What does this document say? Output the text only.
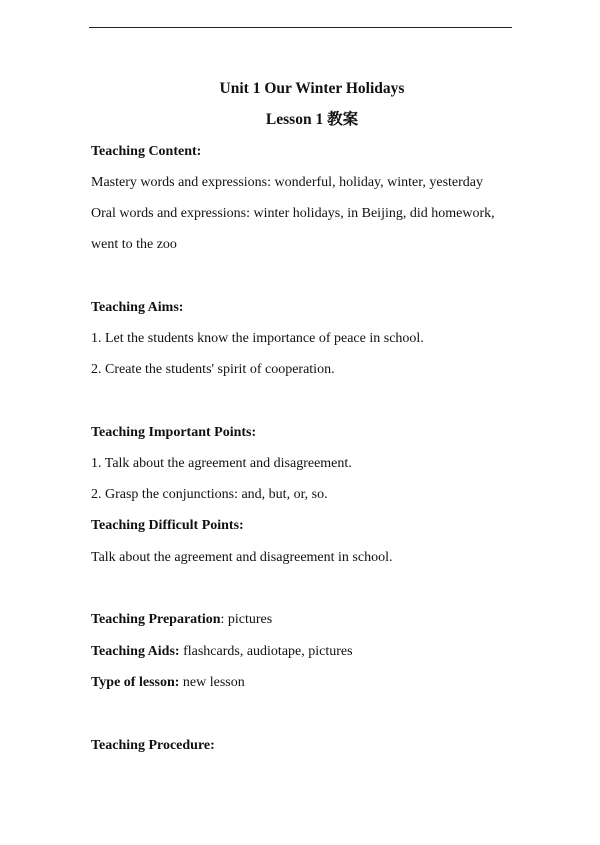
Unit 1 Our Winter Holidays
Lesson 1 教案
Teaching Content:
Mastery words and expressions: wonderful, holiday, winter, yesterday
Oral words and expressions: winter holidays, in Beijing, did homework,
went to the zoo
Teaching Aims:
1. Let the students know the importance of peace in school.
2. Create the students' spirit of cooperation.
Teaching Important Points:
1. Talk about the agreement and disagreement.
2. Grasp the conjunctions: and, but, or, so.
Teaching Difficult Points:
Talk about the agreement and disagreement in school.
Teaching Preparation: pictures
Teaching Aids: flashcards, audiotape, pictures
Type of lesson: new lesson
Teaching Procedure:
